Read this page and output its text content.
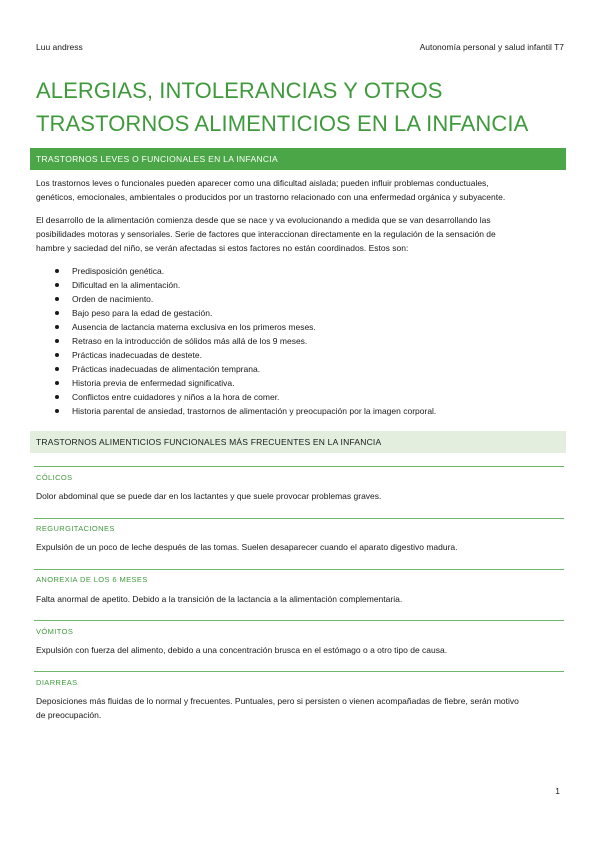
Luu andress	Autonomía personal y salud infantil T7
ALERGIAS, INTOLERANCIAS Y OTROS
TRASTORNOS ALIMENTICIOS EN LA INFANCIA
TRASTORNOS LEVES O FUNCIONALES EN LA INFANCIA
Los trastornos leves o funcionales pueden aparecer como una dificultad aislada; pueden influir problemas conductuales,
genéticos, emocionales, ambientales o producidos por un trastorno relacionado con una enfermedad orgánica y subyacente.
El desarrollo de la alimentación comienza desde que se nace y va evolucionando a medida que se van desarrollando las
posibilidades motoras y sensoriales. Serie de factores que interaccionan directamente en la regulación de la sensación de
hambre y saciedad del niño, se verán afectadas si estos factores no están coordinados. Estos son:
Predisposición genética.
Dificultad en la alimentación.
Orden de nacimiento.
Bajo peso para la edad de gestación.
Ausencia de lactancia materna exclusiva en los primeros meses.
Retraso en la introducción de sólidos más allá de los 9 meses.
Prácticas inadecuadas de destete.
Prácticas inadecuadas de alimentación temprana.
Historia previa de enfermedad significativa.
Conflictos entre cuidadores y niños a la hora de comer.
Historia parental de ansiedad, trastornos de alimentación y preocupación por la imagen corporal.
TRASTORNOS ALIMENTICIOS FUNCIONALES MÁS FRECUENTES EN LA INFANCIA
CÓLICOS
Dolor abdominal que se puede dar en los lactantes y que suele provocar problemas graves.
REGURGITACIONES
Expulsión de un poco de leche después de las tomas. Suelen desaparecer cuando el aparato digestivo madura.
ANOREXIA DE LOS 6 MESES
Falta anormal de apetito. Debido a la transición de la lactancia a la alimentación complementaria.
VÓMITOS
Expulsión con fuerza del alimento, debido a una concentración brusca en el estómago o a otro tipo de causa.
DIARREAS
Deposiciones más fluidas de lo normal y frecuentes. Puntuales, pero si persisten o vienen acompañadas de fiebre, serán motivo
de preocupación.
1
